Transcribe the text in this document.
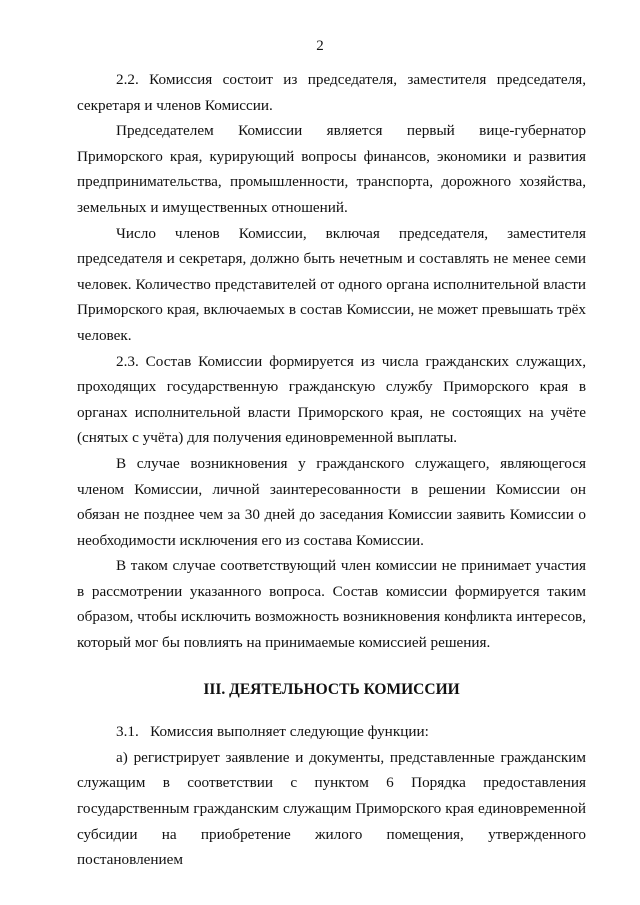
2

2.2. Комиссия состоит из председателя, заместителя председателя, секретаря и членов Комиссии.

Председателем Комиссии является первый вице-губернатор Приморского края, курирующий вопросы финансов, экономики и развития предпринимательства, промышленности, транспорта, дорожного хозяйства, земельных и имущественных отношений.

Число членов Комиссии, включая председателя, заместителя председателя и секретаря, должно быть нечетным и составлять не менее семи человек. Количество представителей от одного органа исполнительной власти Приморского края, включаемых в состав Комиссии, не может превышать трёх человек.

2.3. Состав Комиссии формируется из числа гражданских служащих, проходящих государственную гражданскую службу Приморского края в органах исполнительной власти Приморского края, не состоящих на учёте (снятых с учёта) для получения единовременной выплаты.

В случае возникновения у гражданского служащего, являющегося членом Комиссии, личной заинтересованности в решении Комиссии он обязан не позднее чем за 30 дней до заседания Комиссии заявить Комиссии о необходимости исключения его из состава Комиссии.

В таком случае соответствующий член комиссии не принимает участия в рассмотрении указанного вопроса. Состав комиссии формируется таким образом, чтобы исключить возможность возникновения конфликта интересов, который мог бы повлиять на принимаемые комиссией решения.

III. ДЕЯТЕЛЬНОСТЬ КОМИССИИ

3.1.   Комиссия выполняет следующие функции:

а) регистрирует заявление и документы, представленные гражданским служащим в соответствии с пунктом 6 Порядка предоставления государственным гражданским служащим Приморского края единовременной субсидии на приобретение жилого помещения, утвержденного постановлением
